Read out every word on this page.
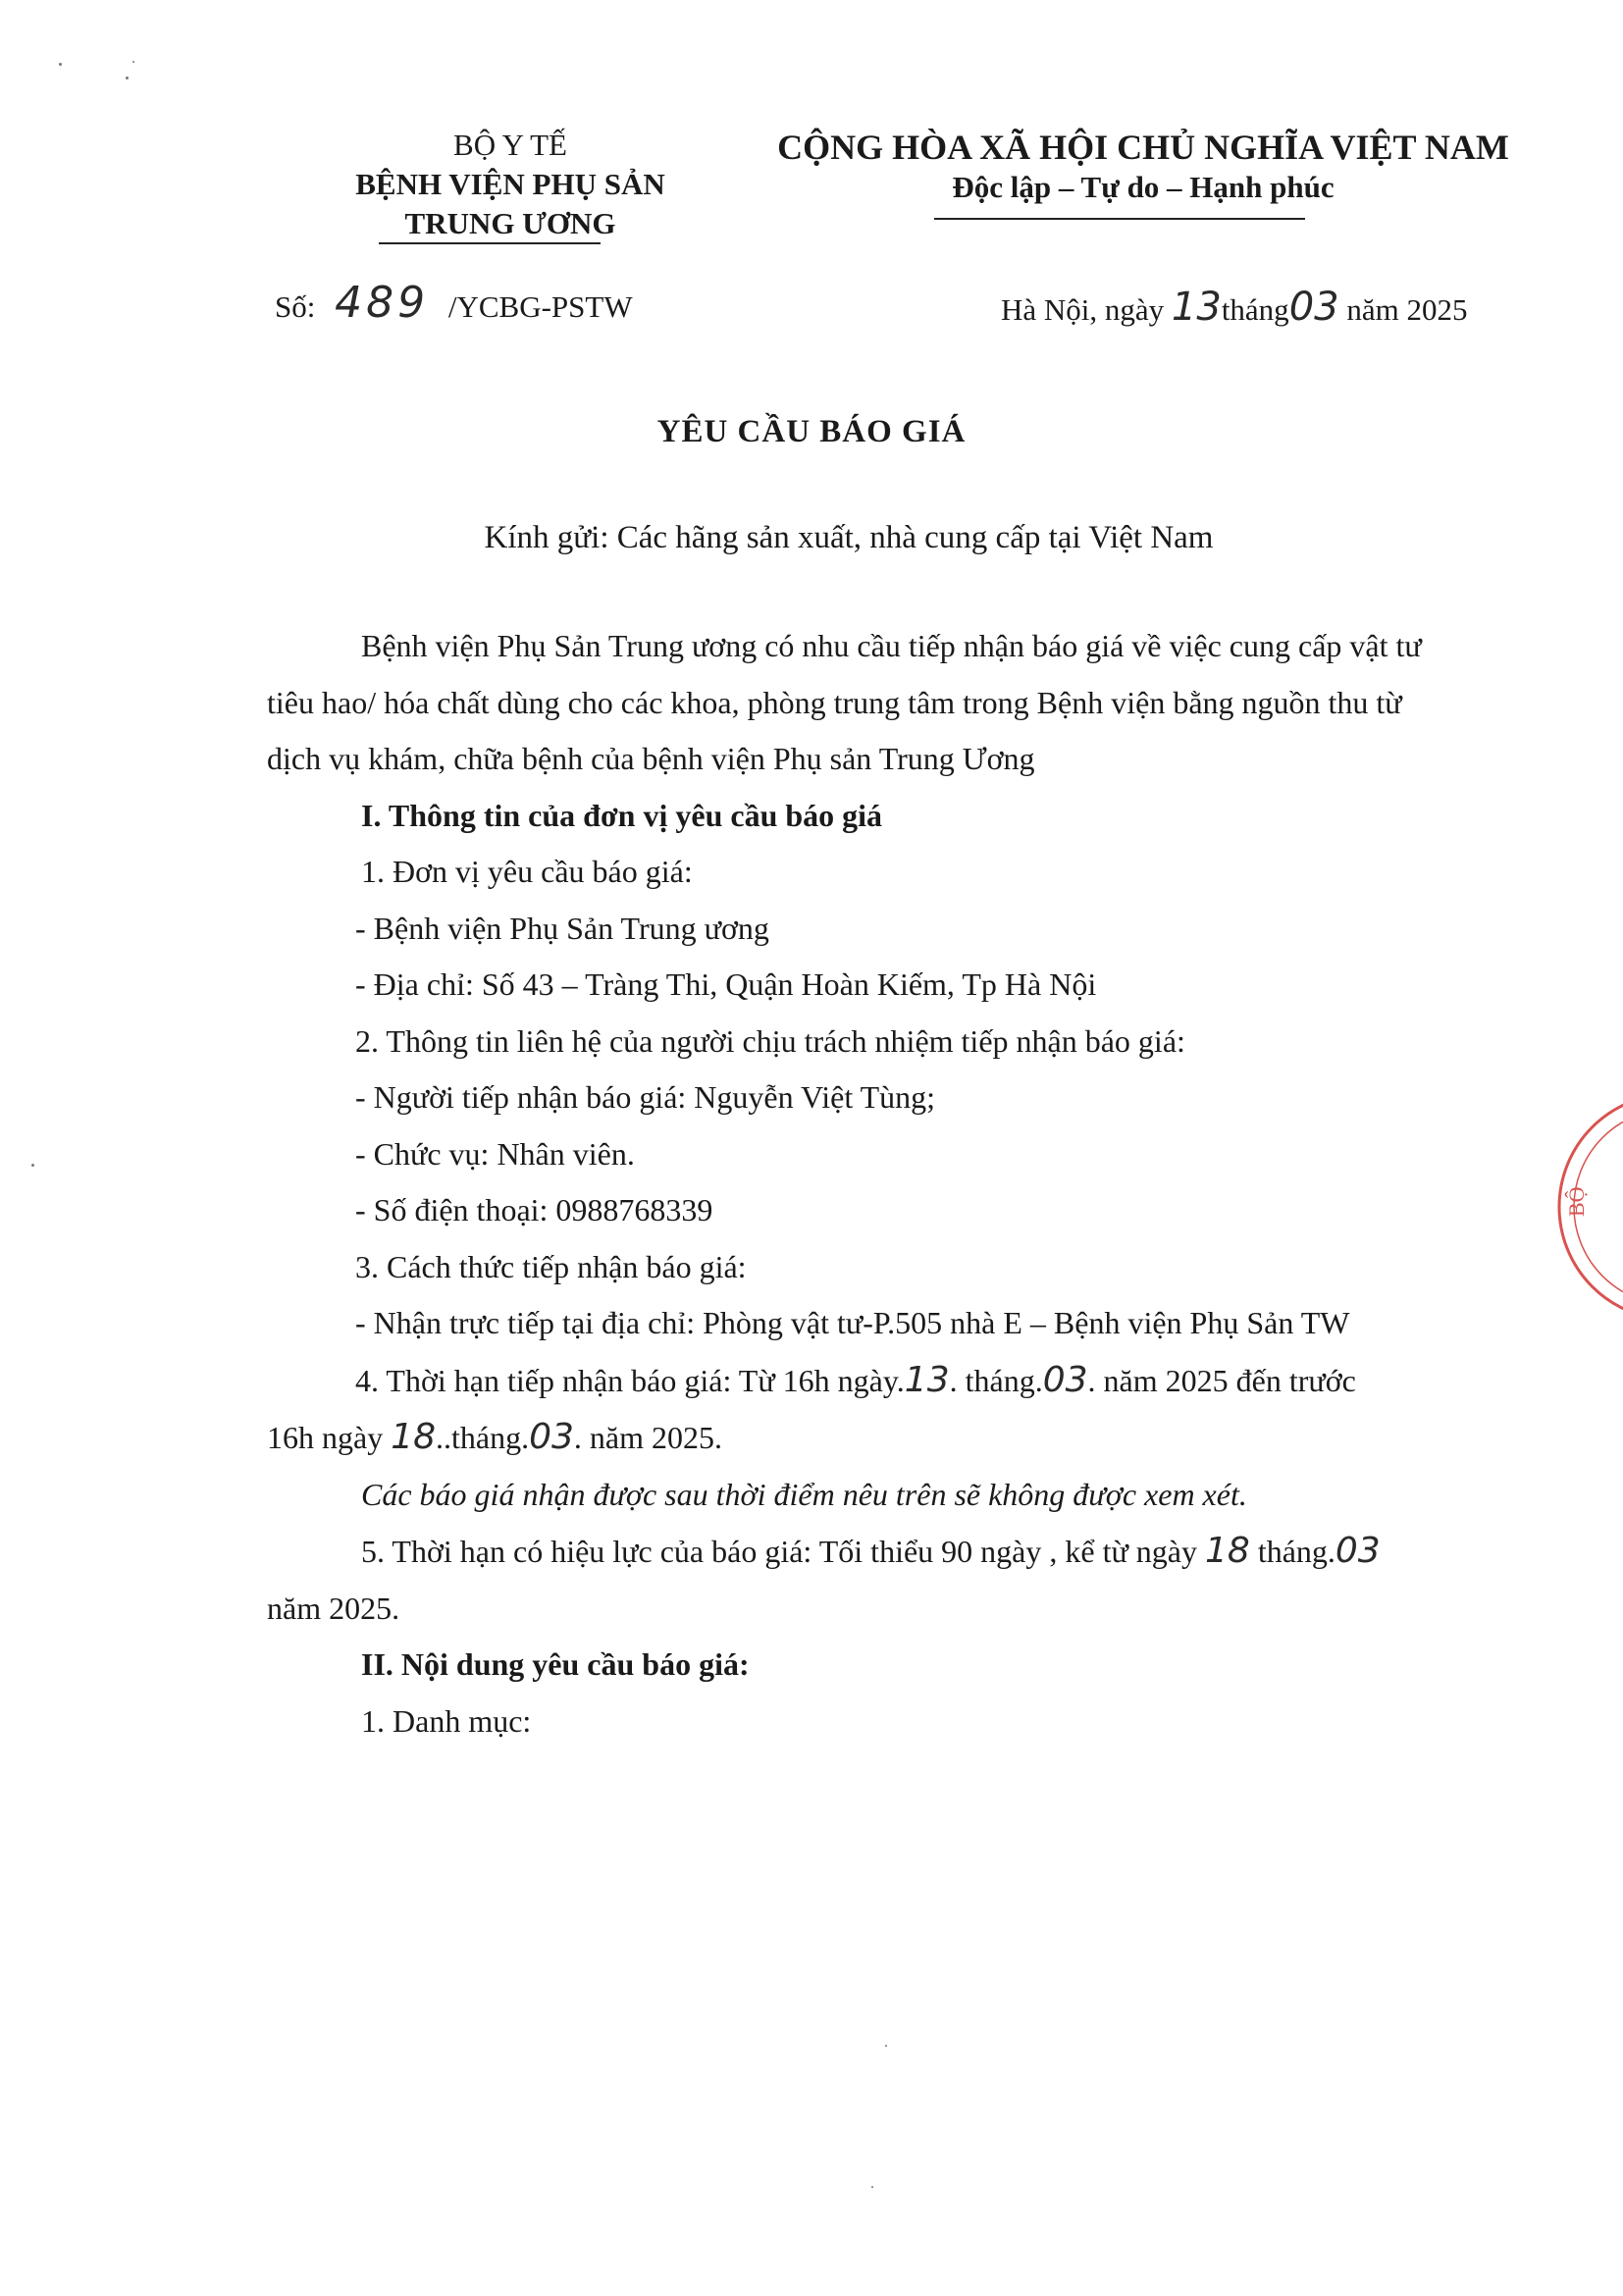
BỘ Y TẾ
BỆNH VIỆN PHỤ SẢN
TRUNG ƯƠNG
CỘNG HÒA XÃ HỘI CHỦ NGHĨA VIỆT NAM
Độc lập – Tự do – Hạnh phúc
Số: 489 /YCBG-PSTW	Hà Nội, ngày 13tháng03 năm 2025
YÊU CẦU BÁO GIÁ
Kính gửi: Các hãng sản xuất, nhà cung cấp tại Việt Nam
Bệnh viện Phụ Sản Trung ương có nhu cầu tiếp nhận báo giá về việc cung cấp vật tư tiêu hao/ hóa chất dùng cho các khoa, phòng trung tâm trong Bệnh viện bằng nguồn thu từ dịch vụ khám, chữa bệnh của bệnh viện Phụ sản Trung Ương
I. Thông tin của đơn vị yêu cầu báo giá
1. Đơn vị yêu cầu báo giá:
- Bệnh viện Phụ Sản Trung ương
- Địa chỉ: Số 43 – Tràng Thi, Quận Hoàn Kiếm, Tp Hà Nội
2. Thông tin liên hệ của người chịu trách nhiệm tiếp nhận báo giá:
- Người tiếp nhận báo giá: Nguyễn Việt Tùng;
- Chức vụ: Nhân viên.
- Số điện thoại: 0988768339
3. Cách thức tiếp nhận báo giá:
- Nhận trực tiếp tại địa chỉ: Phòng vật tư-P.505 nhà E – Bệnh viện Phụ Sản TW
4. Thời hạn tiếp nhận báo giá: Từ 16h ngày.13. tháng.03. năm 2025 đến trước
16h ngày 18..tháng.03. năm 2025.
Các báo giá nhận được sau thời điểm nêu trên sẽ không được xem xét.
5. Thời hạn có hiệu lực của báo giá: Tối thiểu 90 ngày , kể từ ngày 18 tháng.03
năm 2025.
II. Nội dung yêu cầu báo giá:
1. Danh mục:
BỘ
